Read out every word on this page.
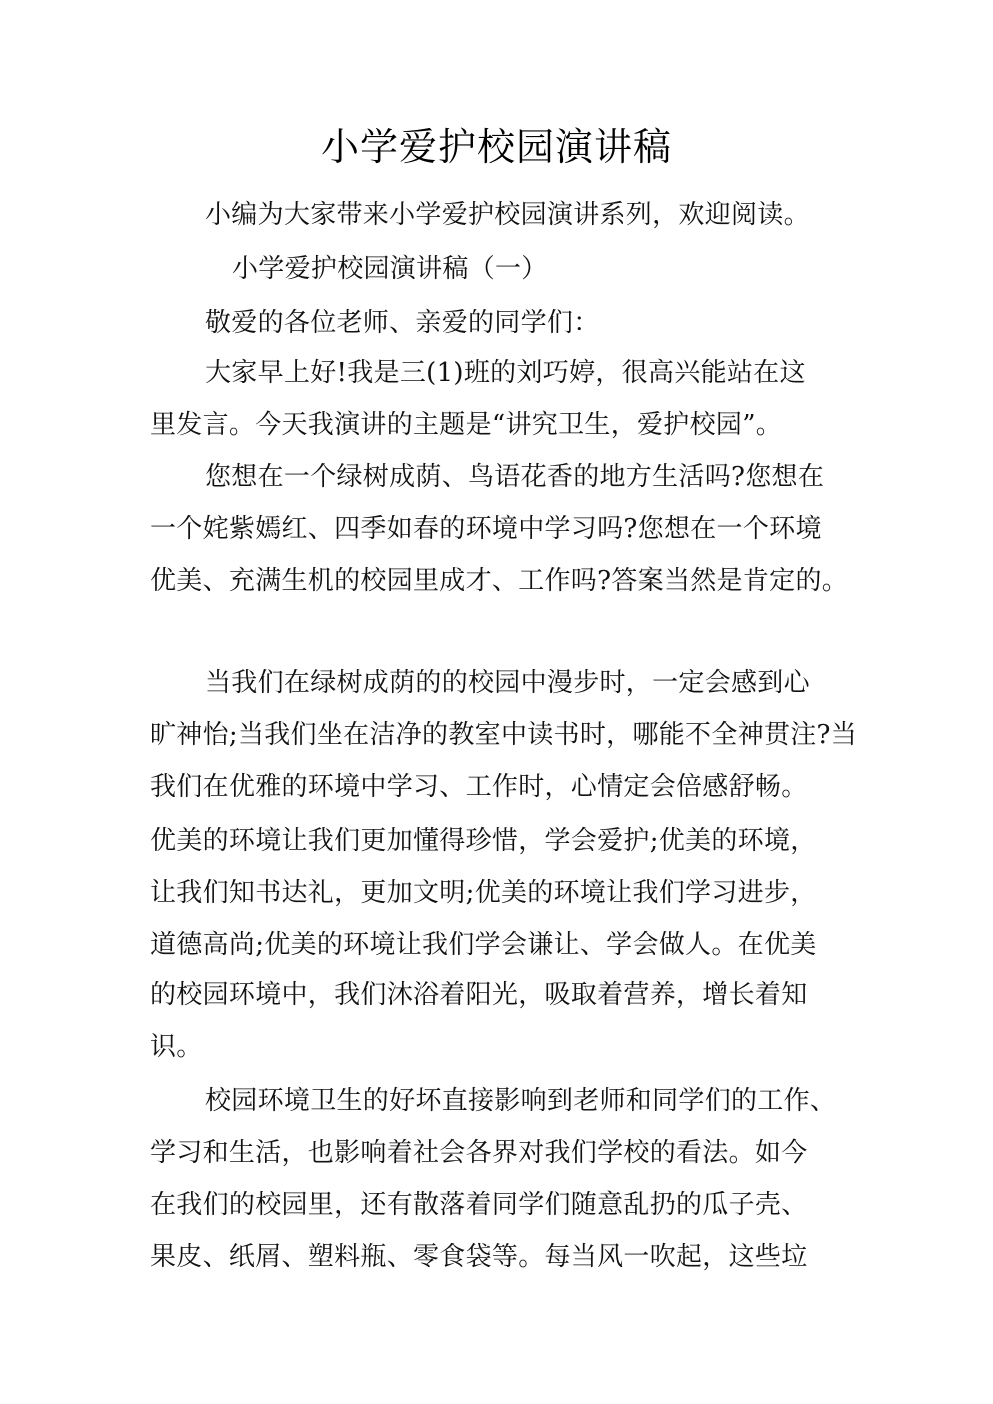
小学爱护校园演讲稿
小编为大家带来小学爱护校园演讲系列，欢迎阅读。
小学爱护校园演讲稿（一）
敬爱的各位老师、亲爱的同学们：
大家早上好!我是三(1)班的刘巧婷，很高兴能站在这
里发言。今天我演讲的主题是“讲究卫生，爱护校园”。
您想在一个绿树成荫、鸟语花香的地方生活吗?您想在
一个姹紫嫣红、四季如春的环境中学习吗?您想在一个环境
优美、充满生机的校园里成才、工作吗?答案当然是肯定的。
当我们在绿树成荫的的校园中漫步时，一定会感到心
旷神怡;当我们坐在洁净的教室中读书时，哪能不全神贯注?当
我们在优雅的环境中学习、工作时，心情定会倍感舒畅。
优美的环境让我们更加懂得珍惜，学会爱护;优美的环境，
让我们知书达礼，更加文明;优美的环境让我们学习进步，
道德高尚;优美的环境让我们学会谦让、学会做人。在优美
的校园环境中，我们沐浴着阳光，吸取着营养，增长着知
识。
校园环境卫生的好坏直接影响到老师和同学们的工作、
学习和生活，也影响着社会各界对我们学校的看法。如今
在我们的校园里，还有散落着同学们随意乱扔的瓜子壳、
果皮、纸屑、塑料瓶、零食袋等。每当风一吹起，这些垃
